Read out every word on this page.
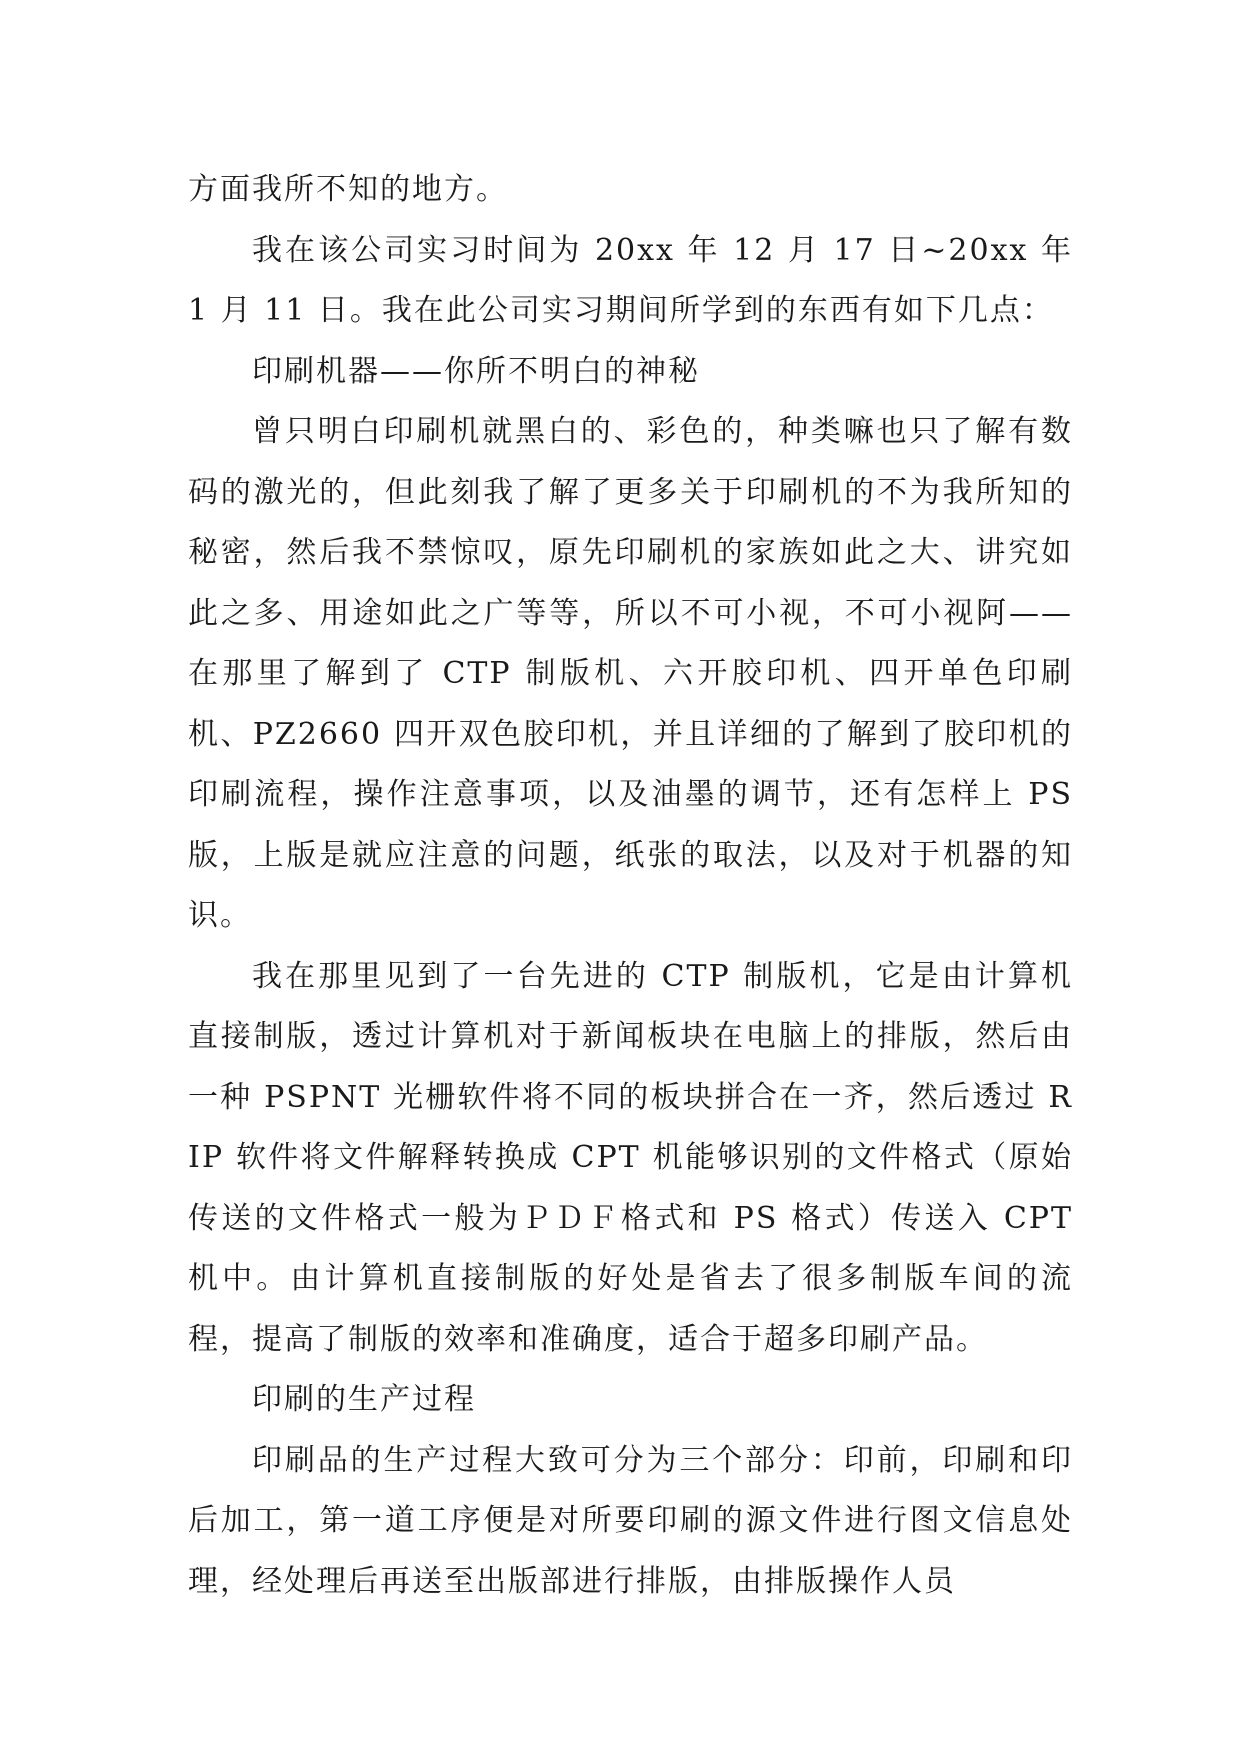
方面我所不知的地方。

我在该公司实习时间为 20xx 年 12 月 17 日~20xx 年 1 月 11 日。我在此公司实习期间所学到的东西有如下几点：

印刷机器——你所不明白的神秘

曾只明白印刷机就黑白的、彩色的，种类嘛也只了解有数码的激光的，但此刻我了解了更多关于印刷机的不为我所知的秘密，然后我不禁惊叹，原先印刷机的家族如此之大、讲究如此之多、用途如此之广等等，所以不可小视，不可小视阿——在那里了解到了 CTP 制版机、六开胶印机、四开单色印刷机、PZ2660 四开双色胶印机，并且详细的了解到了胶印机的印刷流程，操作注意事项，以及油墨的调节，还有怎样上 PS 版，上版是就应注意的问题，纸张的取法，以及对于机器的知识。

我在那里见到了一台先进的 CTP 制版机，它是由计算机直接制版，透过计算机对于新闻板块在电脑上的排版，然后由一种 PSPNT 光栅软件将不同的板块拼合在一齐，然后透过 RIP 软件将文件解释转换成 CPT 机能够识别的文件格式（原始传送的文件格式一般为ＰＤＦ格式和 PS 格式）传送入 CPT 机中。由计算机直接制版的好处是省去了很多制版车间的流程，提高了制版的效率和准确度，适合于超多印刷产品。

印刷的生产过程

印刷品的生产过程大致可分为三个部分：印前，印刷和印后加工，第一道工序便是对所要印刷的源文件进行图文信息处理，经处理后再送至出版部进行排版，由排版操作人员
